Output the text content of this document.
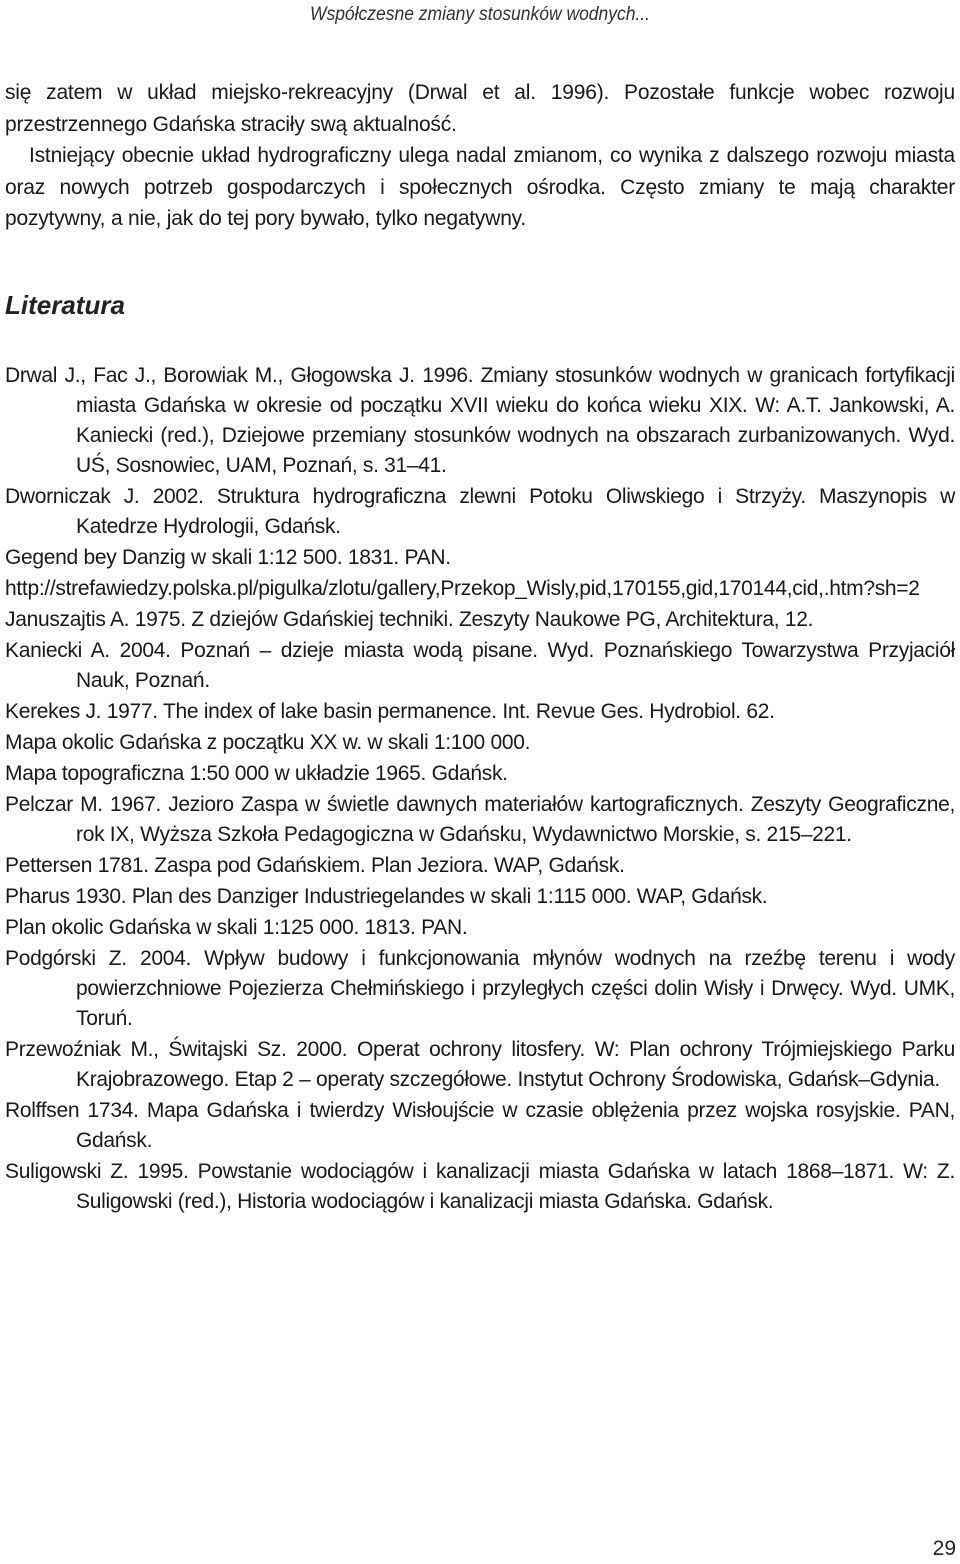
Współczesne zmiany stosunków wodnych...

się zatem w układ miejsko-rekreacyjny (Drwal et al. 1996). Pozostałe funkcje wobec rozwoju przestrzennego Gdańska straciły swą aktualność.

Istniejący obecnie układ hydrograficzny ulega nadal zmianom, co wynika z dalszego rozwoju miasta oraz nowych potrzeb gospodarczych i społecznych ośrodka. Często zmiany te mają charakter pozytywny, a nie, jak do tej pory bywało, tylko negatywny.

Literatura
Drwal J., Fac J., Borowiak M., Głogowska J. 1996. Zmiany stosunków wodnych w granicach fortyfikacji miasta Gdańska w okresie od początku XVII wieku do końca wieku XIX. W: A.T. Jankowski, A. Kaniecki (red.), Dziejowe przemiany stosunków wodnych na obszarach zurbanizowanych. Wyd. UŚ, Sosnowiec, UAM, Poznań, s. 31–41.
Dworniczak J. 2002. Struktura hydrograficzna zlewni Potoku Oliwskiego i Strzyży. Maszynopis w Katedrze Hydrologii, Gdańsk.
Gegend bey Danzig w skali 1:12 500. 1831. PAN.
http://strefawiedzy.polska.pl/pigulka/zlotu/gallery,Przekop_Wisly,pid,170155,gid,170144,cid,.htm?sh=2
Januszajtis A. 1975. Z dziejów Gdańskiej techniki. Zeszyty Naukowe PG, Architektura, 12.
Kaniecki A. 2004. Poznań – dzieje miasta wodą pisane. Wyd. Poznańskiego Towarzystwa Przyjaciół Nauk, Poznań.
Kerekes J. 1977. The index of lake basin permanence. Int. Revue Ges. Hydrobiol. 62.
Mapa okolic Gdańska z początku XX w. w skali 1:100 000.
Mapa topograficzna 1:50 000 w układzie 1965. Gdańsk.
Pelczar M. 1967. Jezioro Zaspa w świetle dawnych materiałów kartograficznych. Zeszyty Geograficzne, rok IX, Wyższa Szkoła Pedagogiczna w Gdańsku, Wydawnictwo Morskie, s. 215–221.
Pettersen 1781. Zaspa pod Gdańskiem. Plan Jeziora. WAP, Gdańsk.
Pharus 1930. Plan des Danziger Industriegelandes w skali 1:115 000. WAP, Gdańsk.
Plan okolic Gdańska w skali 1:125 000. 1813. PAN.
Podgórski Z. 2004. Wpływ budowy i funkcjonowania młynów wodnych na rzeźbę terenu i wody powierzchniowe Pojezierza Chełmińskiego i przyległych części dolin Wisły i Drwęcy. Wyd. UMK, Toruń.
Przewoźniak M., Świtajski Sz. 2000. Operat ochrony litosfery. W: Plan ochrony Trójmiejskiego Parku Krajobrazowego. Etap 2 – operaty szczegółowe. Instytut Ochrony Środowiska, Gdańsk–Gdynia.
Rolffsen 1734. Mapa Gdańska i twierdzy Wisłoujście w czasie oblężenia przez wojska rosyjskie. PAN, Gdańsk.
Suligowski Z. 1995. Powstanie wodociągów i kanalizacji miasta Gdańska w latach 1868–1871. W: Z. Suligowski (red.), Historia wodociągów i kanalizacji miasta Gdańska. Gdańsk.
29
